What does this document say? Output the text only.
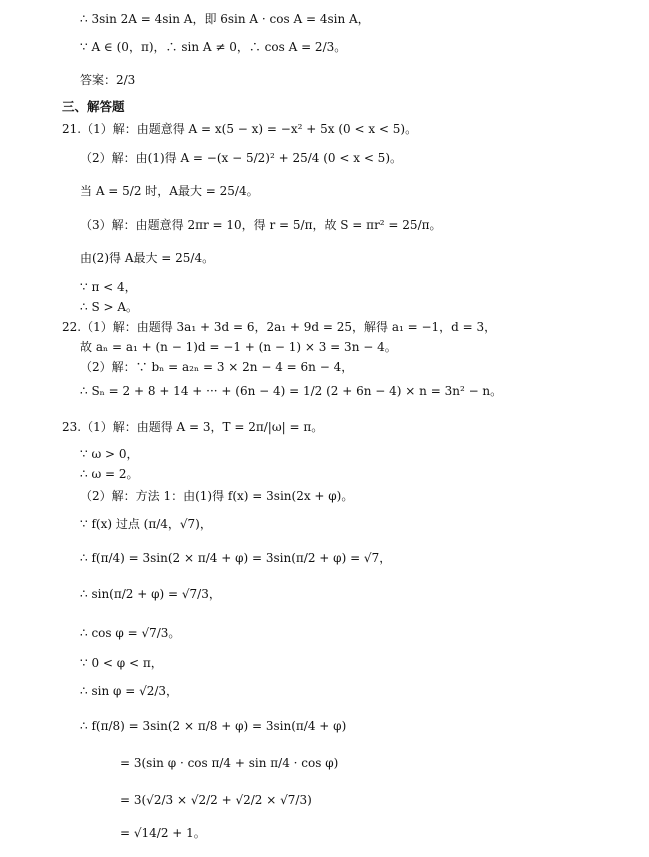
∴ 3sin 2A = 4sin A，即 6sin A · cos A = 4sin A，
∵ A ∈ (0，π)，∴ sin A ≠ 0，∴ cos A = 2/3。
答案：2/3
三、解答题
21.（1）解：由题意得 A = x(5 − x) = −x² + 5x (0 < x < 5)。
（2）解：由(1)得 A = −(x − 5/2)² + 25/4 (0 < x < 5)。
当 A = 5/2 时，A最大 = 25/4。
（3）解：由题意得 2πr = 10，得 r = 5/π，故 S = πr² = 25/π。
由(2)得 A最大 = 25/4。
∵ π < 4，
∴ S > A。
22.（1）解：由题得 3a₁ + 3d = 6，2a₁ + 9d = 25，解得 a₁ = −1，d = 3，
故 aₙ = a₁ + (n − 1)d = −1 + (n − 1) × 3 = 3n − 4。
（2）解：∵ bₙ = a₂ₙ = 3 × 2n − 4 = 6n − 4，
∴ Sₙ = 2 + 8 + 14 + ··· + (6n − 4) = 1/2 (2 + 6n − 4) × n = 3n² − n。
23.（1）解：由题得 A = 3，T = 2π/|ω| = π。
∵ ω > 0，
∴ ω = 2。
（2）解：方法 1：由(1)得 f(x) = 3sin(2x + φ)。
∵ f(x) 过点 (π/4，√7)，
∴ f(π/4) = 3sin(2 × π/4 + φ) = 3sin(π/2 + φ) = √7，
∴ sin(π/2 + φ) = √7/3，
∴ cos φ = √7/3。
∵ 0 < φ < π，
∴ sin φ = √2/3，
∴ f(π/8) = 3sin(2 × π/8 + φ) = 3sin(π/4 + φ)
= 3(sin φ · cos π/4 + sin π/4 · cos φ)
= 3(√2/3 × √2/2 + √2/2 × √7/3)
= √14/2 + 1。
